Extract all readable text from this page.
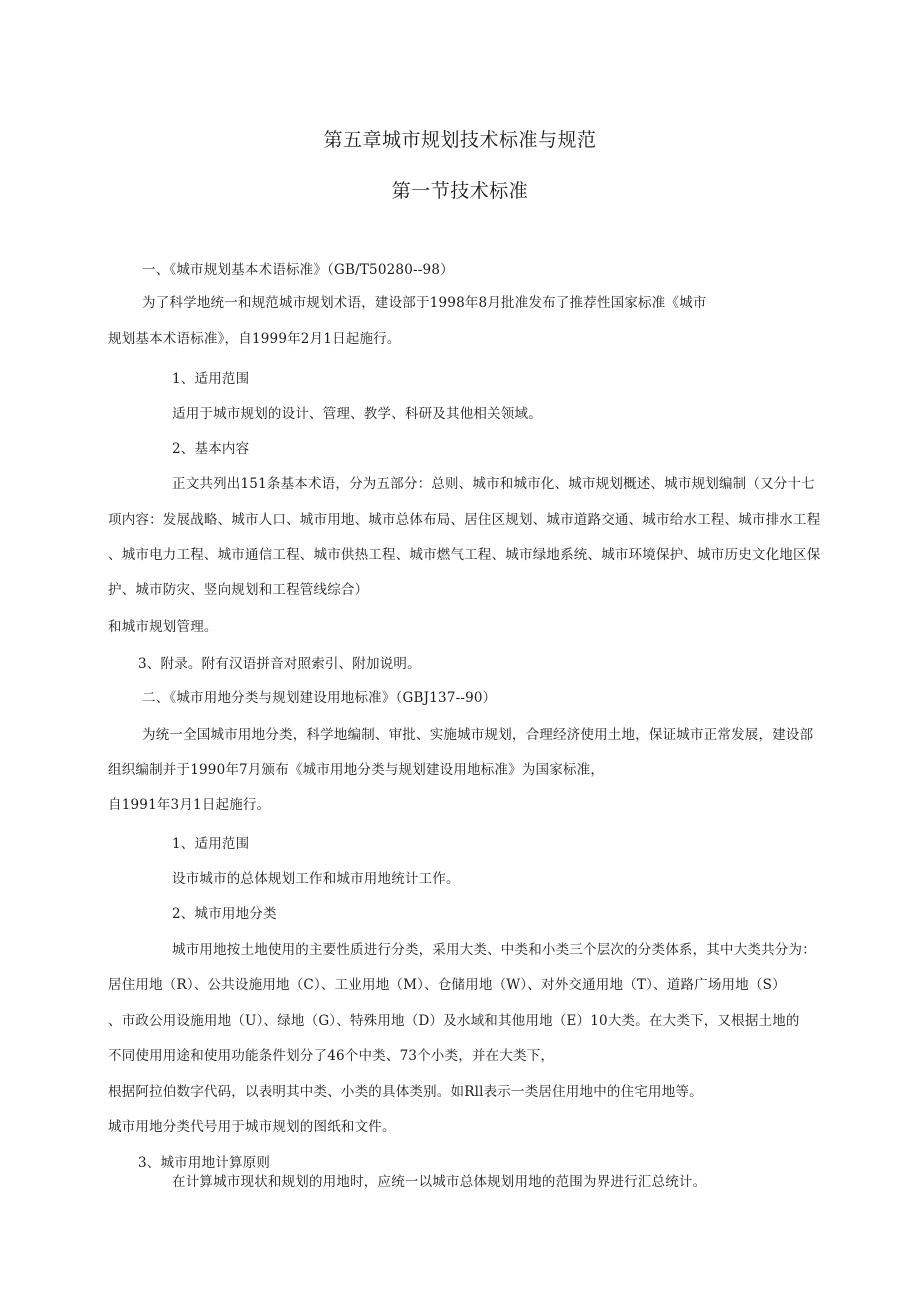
第五章城市规划技术标准与规范
第一节技术标准
一、《城市规划基本术语标准》（GB/T50280--98）
为了科学地统一和规范城市规划术语，建设部于1998年8月批准发布了推荐性国家标准《城市
规划基本术语标准》，自1999年2月1日起施行。
1、适用范围
适用于城市规划的设计、管理、教学、科研及其他相关领域。
2、基本内容
正文共列出151条基本术语，分为五部分：总则、城市和城市化、城市规划概述、城市规划编制（又分十七
项内容：发展战略、城市人口、城市用地、城市总体布局、居住区规划、城市道路交通、城市给水工程、城市排水工程
、城市电力工程、城市通信工程、城市供热工程、城市燃气工程、城市绿地系统、城市环境保护、城市历史文化地区保
护、城市防灾、竖向规划和工程管线综合）
和城市规划管理。
3、附录。附有汉语拼音对照索引、附加说明。
二、《城市用地分类与规划建设用地标准》（GBJ137--90）
为统一全国城市用地分类，科学地编制、审批、实施城市规划，合理经济使用土地，保证城市正常发展，建设部
组织编制并于1990年7月颁布《城市用地分类与规划建设用地标准》为国家标准，
自1991年3月1日起施行。
1、适用范围
设市城市的总体规划工作和城市用地统计工作。
2、城市用地分类
城市用地按土地使用的主要性质进行分类，采用大类、中类和小类三个层次的分类体系，其中大类共分为：
居住用地（R）、公共设施用地（C）、工业用地（M）、仓储用地（W）、对外交通用地（T）、道路广场用地（S）
、市政公用设施用地（U）、绿地（G）、特殊用地（D）及水域和其他用地（E）10大类。在大类下，又根据土地的
不同使用用途和使用功能条件划分了46个中类、73个小类，并在大类下，
根据阿拉伯数字代码，以表明其中类、小类的具体类别。如Rll表示一类居住用地中的住宅用地等。
城市用地分类代号用于城市规划的图纸和文件。
3、城市用地计算原则
在计算城市现状和规划的用地时，应统一以城市总体规划用地的范围为界进行汇总统计。
